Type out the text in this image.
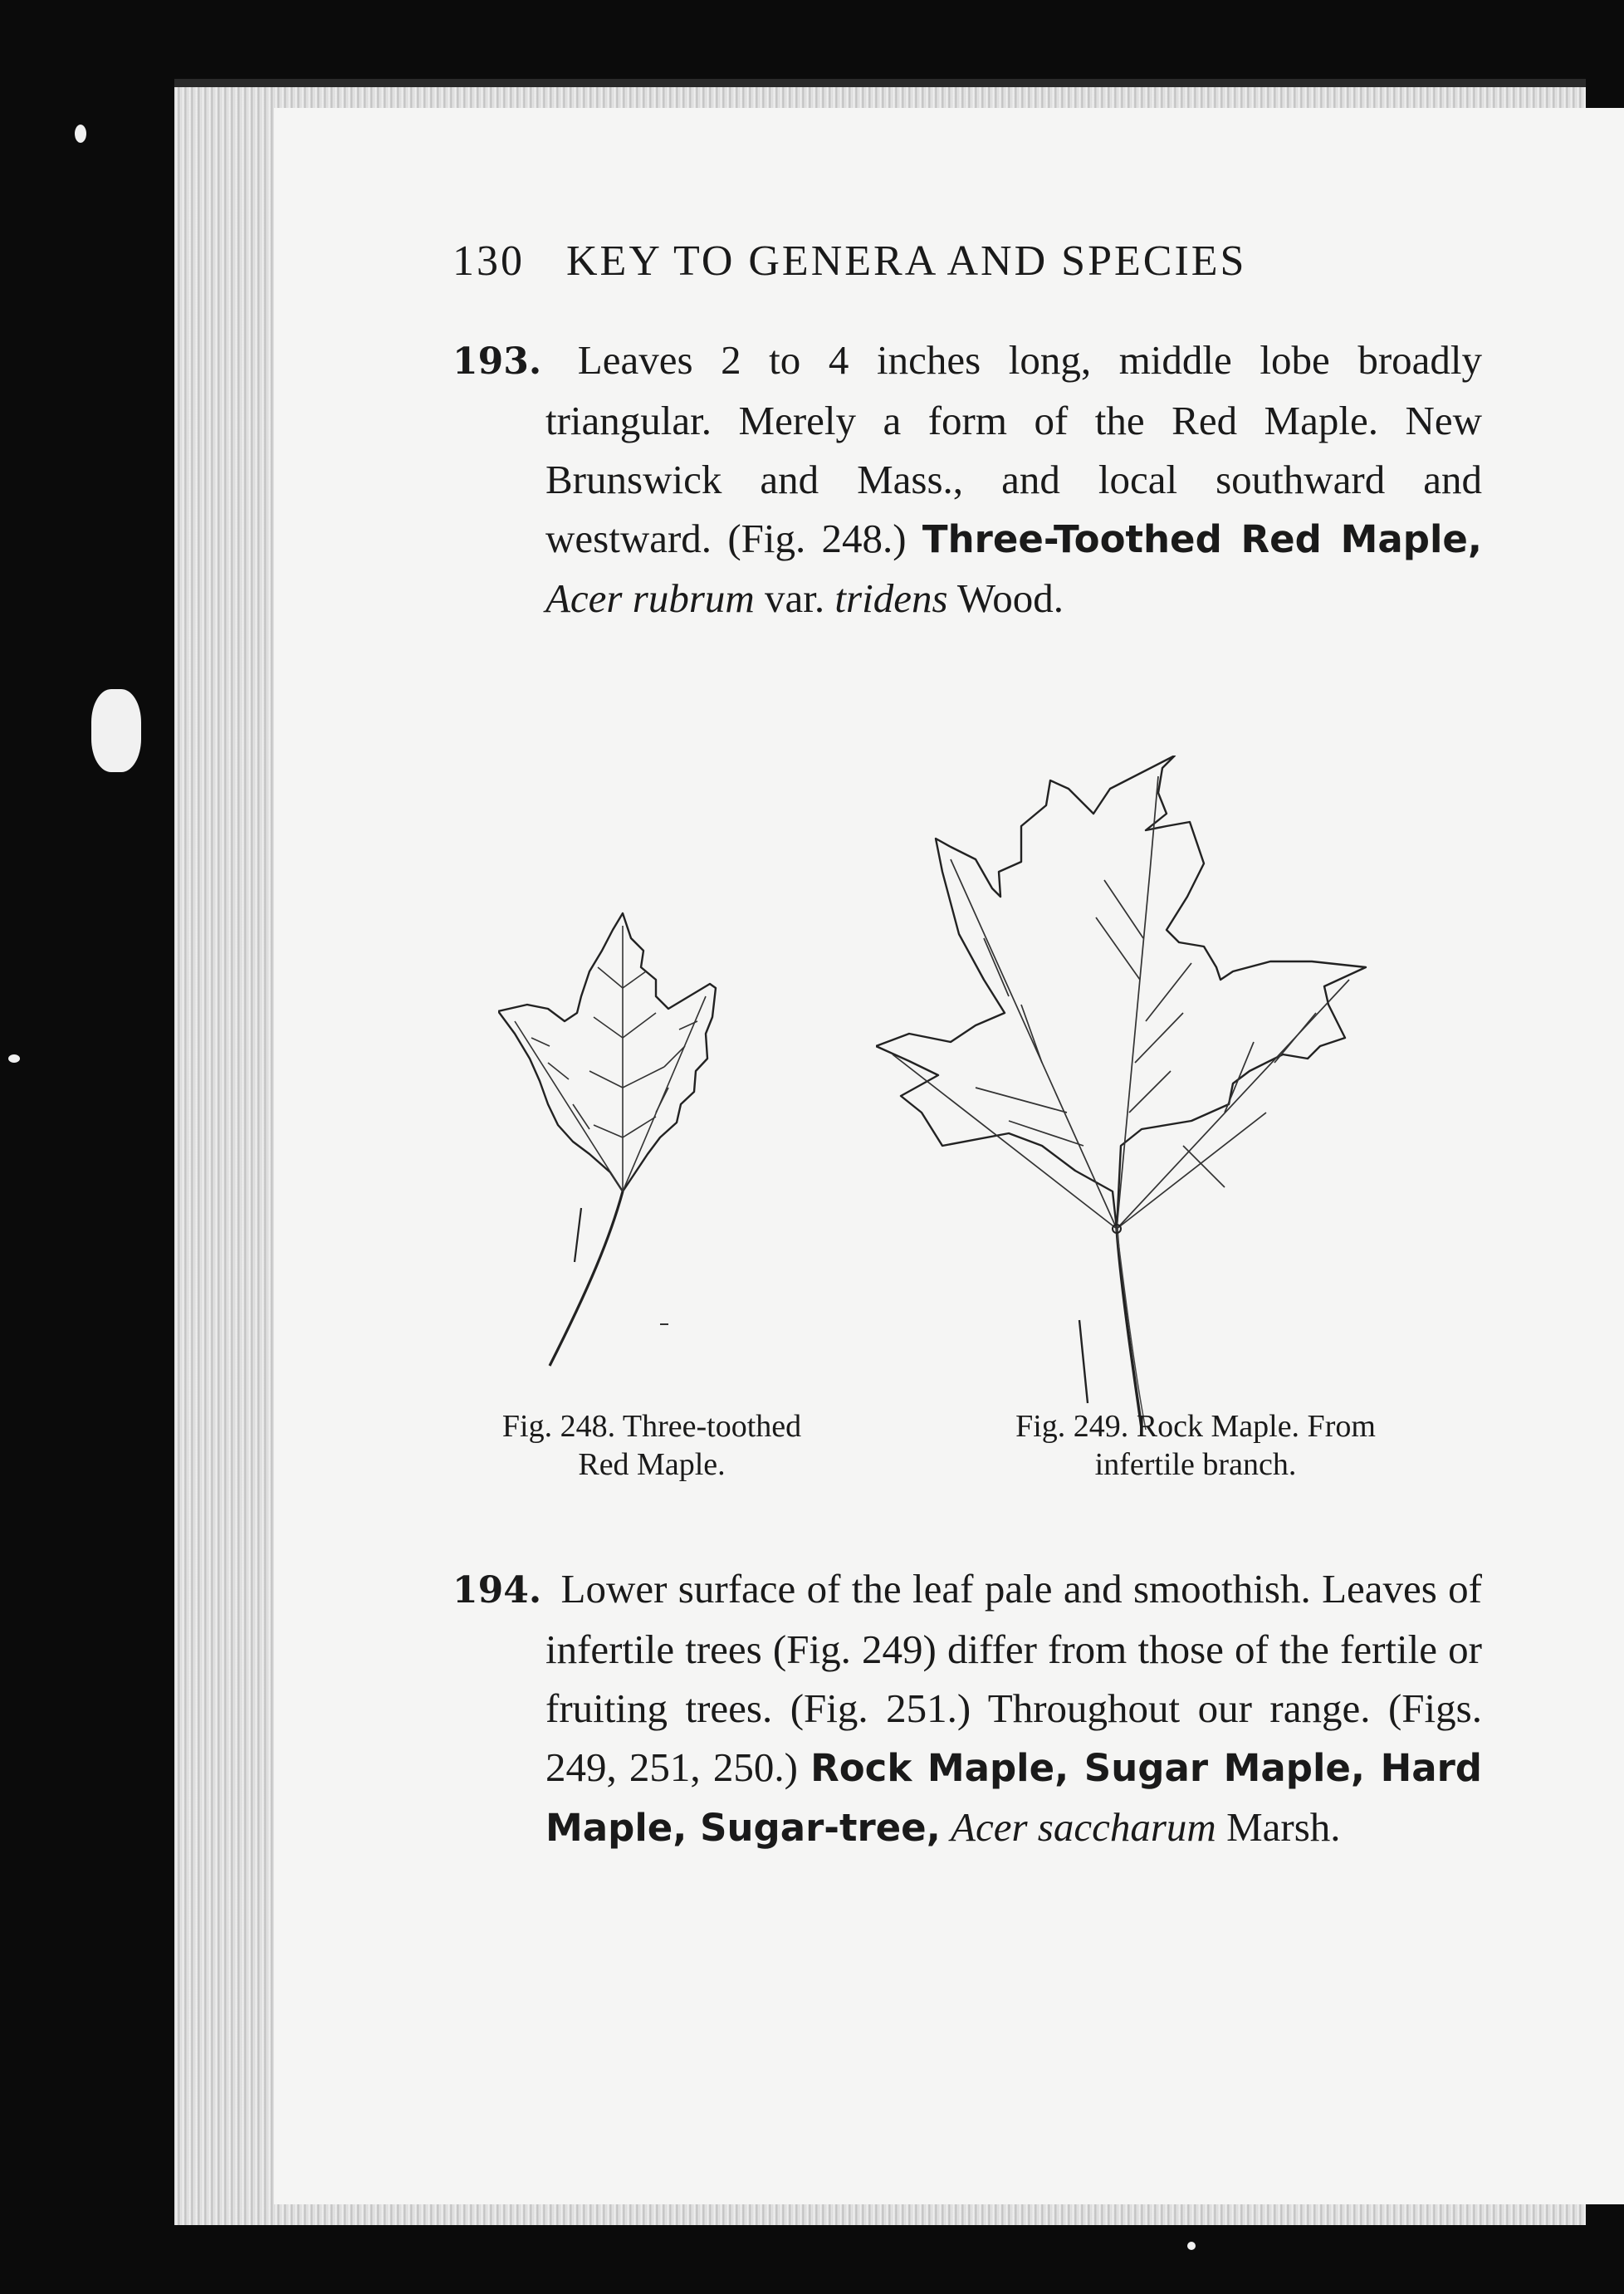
130 KEY TO GENERA AND SPECIES

193. Leaves 2 to 4 inches long, middle lobe broadly triangular. Merely a form of the Red Maple. New Brunswick and Mass., and local southward and westward. (Fig. 248.) Three-Toothed Red Maple, Acer rubrum var. tridens Wood.

Fig. 248. Three-toothed
Red Maple.
Fig. 249. Rock Maple. From
infertile branch.

194. Lower surface of the leaf pale and smoothish. Leaves of infertile trees (Fig. 249) differ from those of the fertile or fruiting trees. (Fig. 251.) Throughout our range. (Figs. 249, 251, 250.) Rock Maple, Sugar Maple, Hard Maple, Sugar-tree, Acer saccharum Marsh.
